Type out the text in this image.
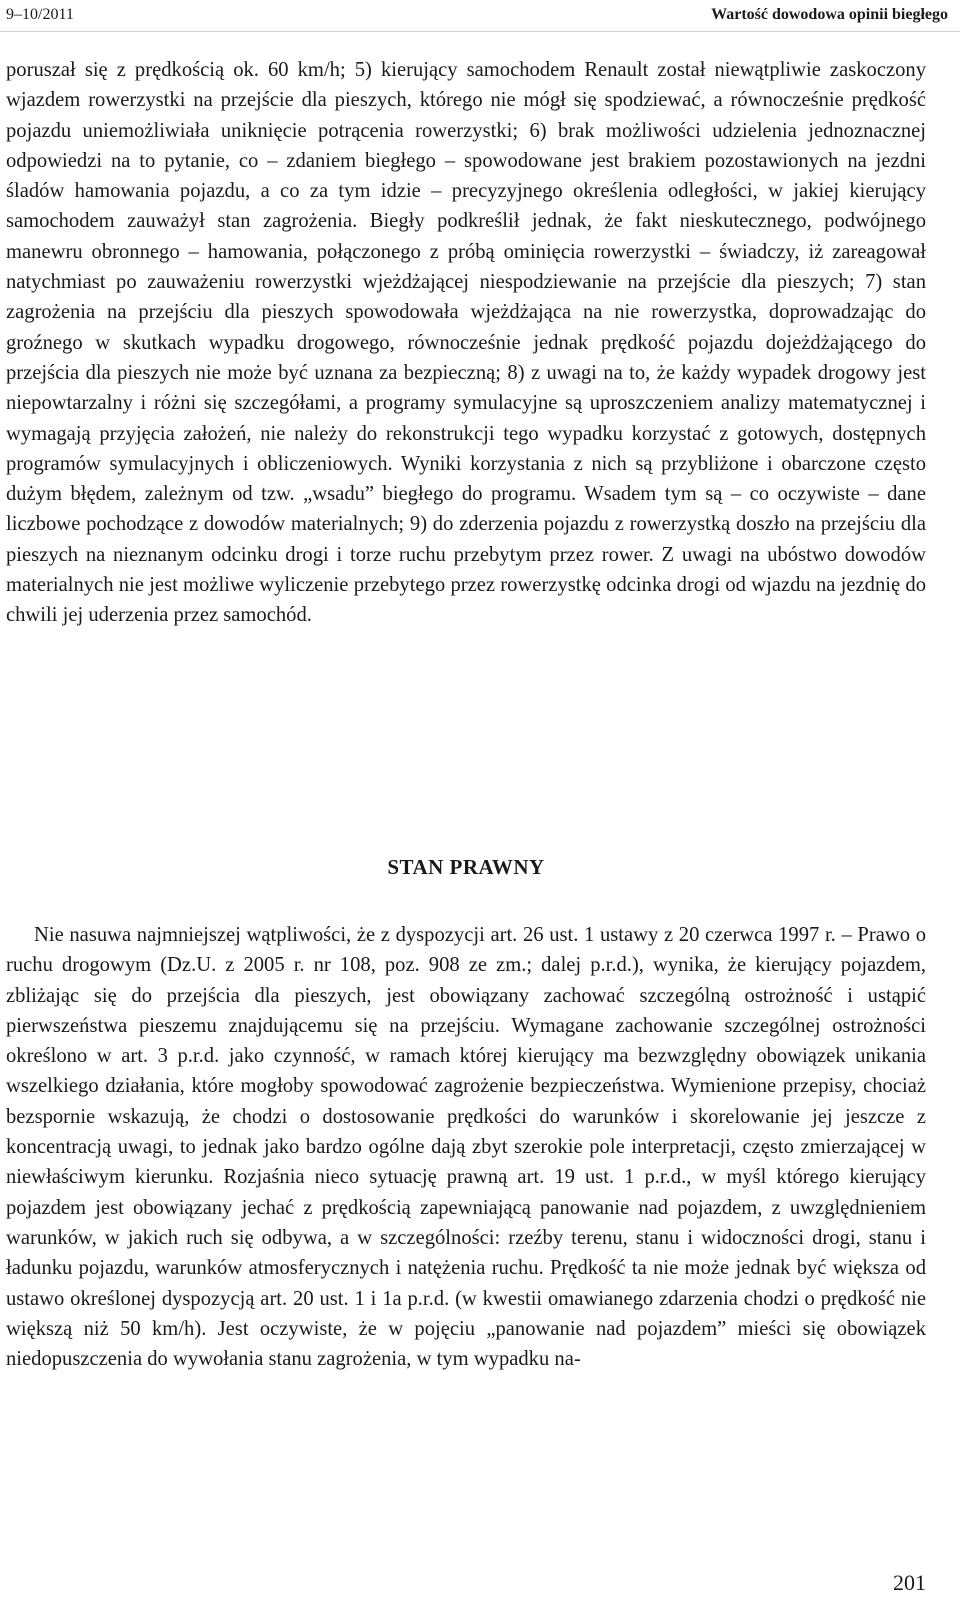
9–10/2011	Wartość dowodowa opinii biegłego

poruszał się z prędkością ok. 60 km/h; 5) kierujący samochodem Renault został niewątpliwie zaskoczony wjazdem rowerzystki na przejście dla pieszych, którego nie mógł się spodziewać, a równocześnie prędkość pojazdu uniemożliwiała uniknięcie potrącenia rowerzystki; 6) brak możliwości udzielenia jednoznacznej odpowiedzi na to pytanie, co – zdaniem biegłego – spowodowane jest brakiem pozostawionych na jezdni śladów hamowania pojazdu, a co za tym idzie – precyzyjnego określenia odległości, w jakiej kierujący samochodem zauważył stan zagrożenia. Biegły podkreślił jednak, że fakt nieskutecznego, podwójnego manewru obronnego – hamowania, połączonego z próbą ominięcia rowerzystki – świadczy, iż zareagował natychmiast po zauważeniu rowerzystki wjeżdżającej niespodziewanie na przejście dla pieszych; 7) stan zagrożenia na przejściu dla pieszych spowodowała wjeżdżająca na nie rowerzystka, doprowadzając do groźnego w skutkach wypadku drogowego, równocześnie jednak prędkość pojazdu dojeżdżającego do przejścia dla pieszych nie może być uznana za bezpieczną; 8) z uwagi na to, że każdy wypadek drogowy jest niepowtarzalny i różni się szczegółami, a programy symulacyjne są uproszczeniem analizy matematycznej i wymagają przyjęcia założeń, nie należy do rekonstrukcji tego wypadku korzystać z gotowych, dostępnych programów symulacyjnych i obliczeniowych. Wyniki korzystania z nich są przybliżone i obarczone często dużym błędem, zależnym od tzw. „wsadu” biegłego do programu. Wsadem tym są – co oczywiste – dane liczbowe pochodzące z dowodów materialnych; 9) do zderzenia pojazdu z rowerzystką doszło na przejściu dla pieszych na nieznanym odcinku drogi i torze ruchu przebytym przez rower. Z uwagi na ubóstwo dowodów materialnych nie jest możliwe wyliczenie przebytego przez rowerzystkę odcinka drogi od wjazdu na jezdnię do chwili jej uderzenia przez samochód.

STAN PRAWNY

Nie nasuwa najmniejszej wątpliwości, że z dyspozycji art. 26 ust. 1 ustawy z 20 czerwca 1997 r. – Prawo o ruchu drogowym (Dz.U. z 2005 r. nr 108, poz. 908 ze zm.; dalej p.r.d.), wynika, że kierujący pojazdem, zbliżając się do przejścia dla pieszych, jest obowiązany zachować szczególną ostrożność i ustąpić pierwszeństwa pieszemu znajdującemu się na przejściu. Wymagane zachowanie szczególnej ostrożności określono w art. 3 p.r.d. jako czynność, w ramach której kierujący ma bezwzględny obowiązek unikania wszelkiego działania, które mogłoby spowodować zagrożenie bezpieczeństwa. Wymienione przepisy, chociaż bezspornie wskazują, że chodzi o dostosowanie prędkości do warunków i skorelowanie jej jeszcze z koncentracją uwagi, to jednak jako bardzo ogólne dają zbyt szerokie pole interpretacji, często zmierzającej w niewłaściwym kierunku. Rozjaśnia nieco sytuację prawną art. 19 ust. 1 p.r.d., w myśl którego kierujący pojazdem jest obowiązany jechać z prędkością zapewniającą panowanie nad pojazdem, z uwzględnieniem warunków, w jakich ruch się odbywa, a w szczególności: rzeźby terenu, stanu i widoczności drogi, stanu i ładunku pojazdu, warunków atmosferycznych i natężenia ruchu. Prędkość ta nie może jednak być większa od ustawo określonej dyspozycją art. 20 ust. 1 i 1a p.r.d. (w kwestii omawianego zdarzenia chodzi o prędkość nie większą niż 50 km/h). Jest oczywiste, że w pojęciu „panowanie nad pojazdem” mieści się obowiązek niedopuszczenia do wywołania stanu zagrożenia, w tym wypadku na-

201
